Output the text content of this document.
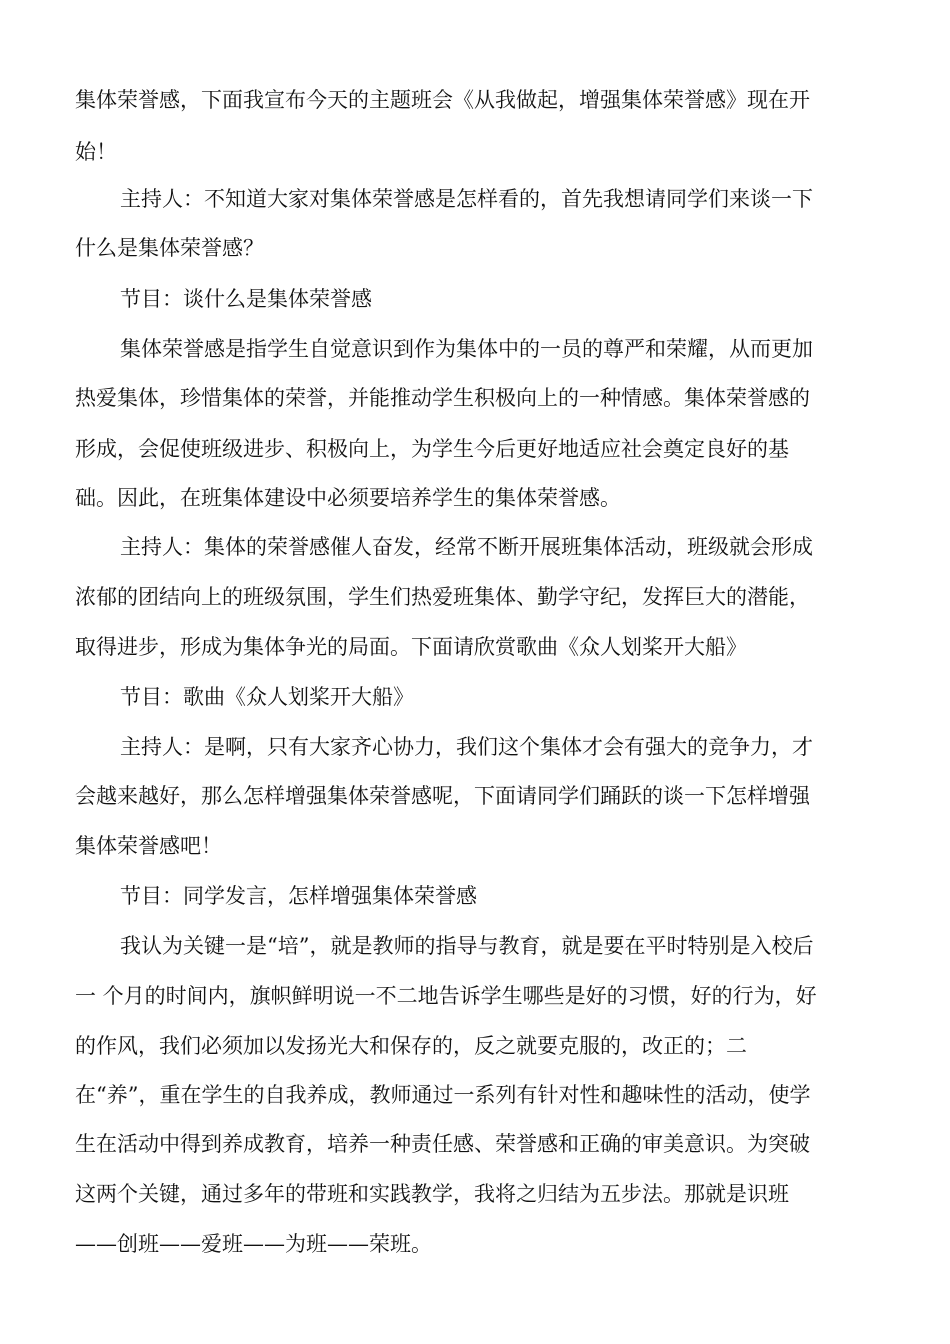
集体荣誉感，下面我宣布今天的主题班会《从我做起，增强集体荣誉感》现在开
始！
主持人：不知道大家对集体荣誉感是怎样看的，首先我想请同学们来谈一下
什么是集体荣誉感？
节目：谈什么是集体荣誉感
集体荣誉感是指学生自觉意识到作为集体中的一员的尊严和荣耀，从而更加
热爱集体，珍惜集体的荣誉，并能推动学生积极向上的一种情感。集体荣誉感的
形成，会促使班级进步、积极向上，为学生今后更好地适应社会奠定良好的基
础。因此，在班集体建设中必须要培养学生的集体荣誉感。
主持人：集体的荣誉感催人奋发，经常不断开展班集体活动，班级就会形成
浓郁的团结向上的班级氛围，学生们热爱班集体、勤学守纪，发挥巨大的潜能，
取得进步，形成为集体争光的局面。下面请欣赏歌曲《众人划桨开大船》
节目：歌曲《众人划桨开大船》
主持人：是啊，只有大家齐心协力，我们这个集体才会有强大的竞争力，才
会越来越好，那么怎样增强集体荣誉感呢，下面请同学们踊跃的谈一下怎样增强
集体荣誉感吧！
节目：同学发言，怎样增强集体荣誉感
我认为关键一是“培”，就是教师的指导与教育，就是要在平时特别是入校后
一 个月的时间内，旗帜鲜明说一不二地告诉学生哪些是好的习惯，好的行为，好
的作风，我们必须加以发扬光大和保存的，反之就要克服的，改正的；二
在“养”，重在学生的自我养成，教师通过一系列有针对性和趣味性的活动，使学
生在活动中得到养成教育，培养一种责任感、荣誉感和正确的审美意识。为突破
这两个关键，通过多年的带班和实践教学，我将之归结为五步法。那就是识班
——创班——爱班——为班——荣班。
